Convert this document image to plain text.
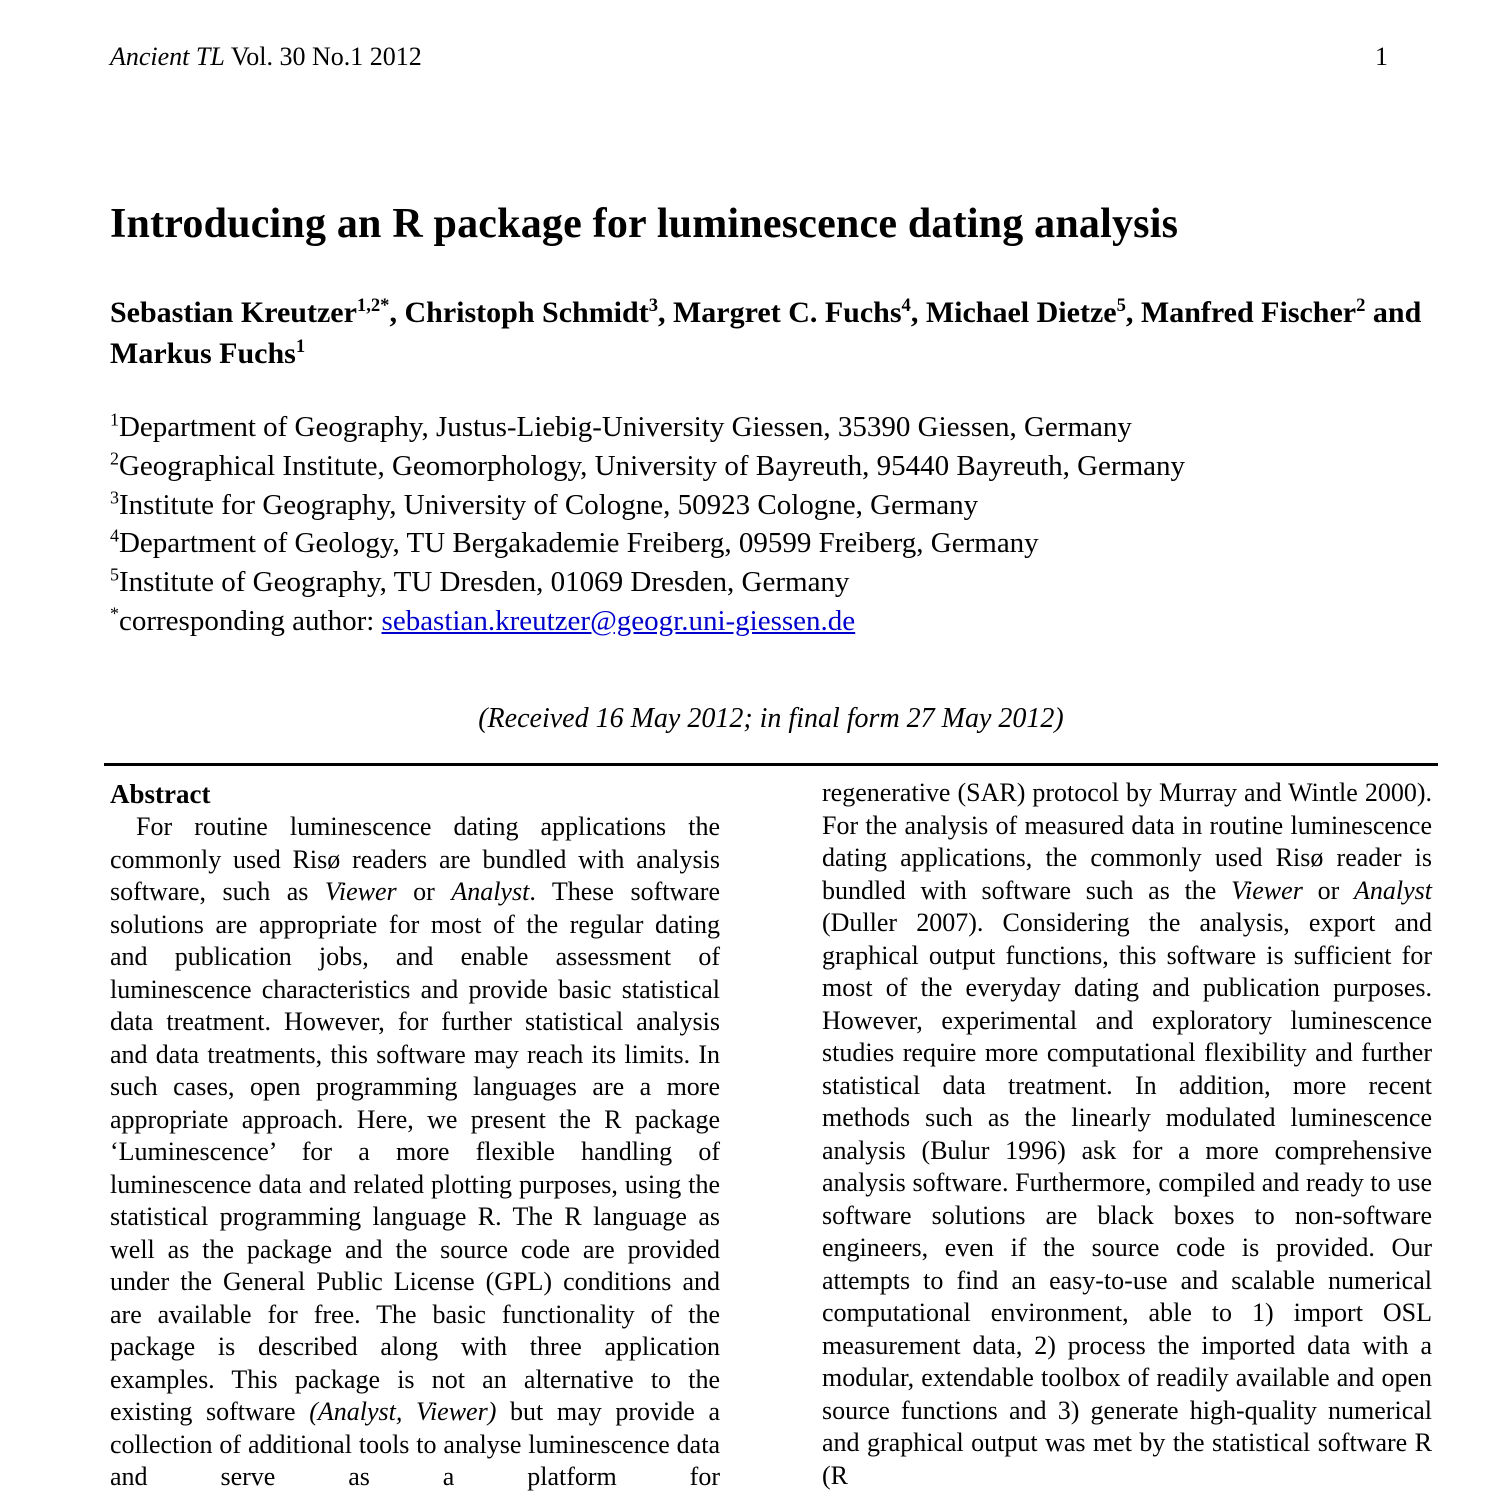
Ancient TL Vol. 30 No.1 2012	1
Introducing an R package for luminescence dating analysis
Sebastian Kreutzer$^{1,2*}$, Christoph Schmidt$^3$, Margret C. Fuchs$^4$, Michael Dietze$^5$, Manfred Fischer$^2$ and Markus Fuchs$^1$
$^1$Department of Geography, Justus-Liebig-University Giessen, 35390 Giessen, Germany
$^2$Geographical Institute, Geomorphology, University of Bayreuth, 95440 Bayreuth, Germany
$^3$Institute for Geography, University of Cologne, 50923 Cologne, Germany
$^4$Department of Geology, TU Bergakademie Freiberg, 09599 Freiberg, Germany
$^5$Institute of Geography, TU Dresden, 01069 Dresden, Germany
*corresponding author: sebastian.kreutzer@geogr.uni-giessen.de
(Received 16 May 2012; in final form 27 May 2012)
Abstract

For routine luminescence dating applications the commonly used Risø readers are bundled with analysis software, such as Viewer or Analyst. These software solutions are appropriate for most of the regular dating and publication jobs, and enable assessment of luminescence characteristics and provide basic statistical data treatment. However, for further statistical analysis and data treatments, this software may reach its limits. In such cases, open programming languages are a more appropriate approach. Here, we present the R package ‘Luminescence’ for a more flexible handling of luminescence data and related plotting purposes, using the statistical programming language R. The R language as well as the package and the source code are provided under the General Public License (GPL) conditions and are available for free. The basic functionality of the package is described along with three application examples. This package is not an alternative to the existing software (Analyst, Viewer) but may provide a collection of additional tools to analyse luminescence data and serve as a platform for

regenerative (SAR) protocol by Murray and Wintle 2000). For the analysis of measured data in routine luminescence dating applications, the commonly used Risø reader is bundled with software such as the Viewer or Analyst (Duller 2007). Considering the analysis, export and graphical output functions, this software is sufficient for most of the everyday dating and publication purposes. However, experimental and exploratory luminescence studies require more computational flexibility and further statistical data treatment. In addition, more recent methods such as the linearly modulated luminescence analysis (Bulur 1996) ask for a more comprehensive analysis software. Furthermore, compiled and ready to use software solutions are black boxes to non-software engineers, even if the source code is provided. Our attempts to find an easy-to-use and scalable numerical computational environment, able to 1) import OSL measurement data, 2) process the imported data with a modular, extendable toolbox of readily available and open source functions and 3) generate high-quality numerical and graphical output was met by the statistical software R (R
